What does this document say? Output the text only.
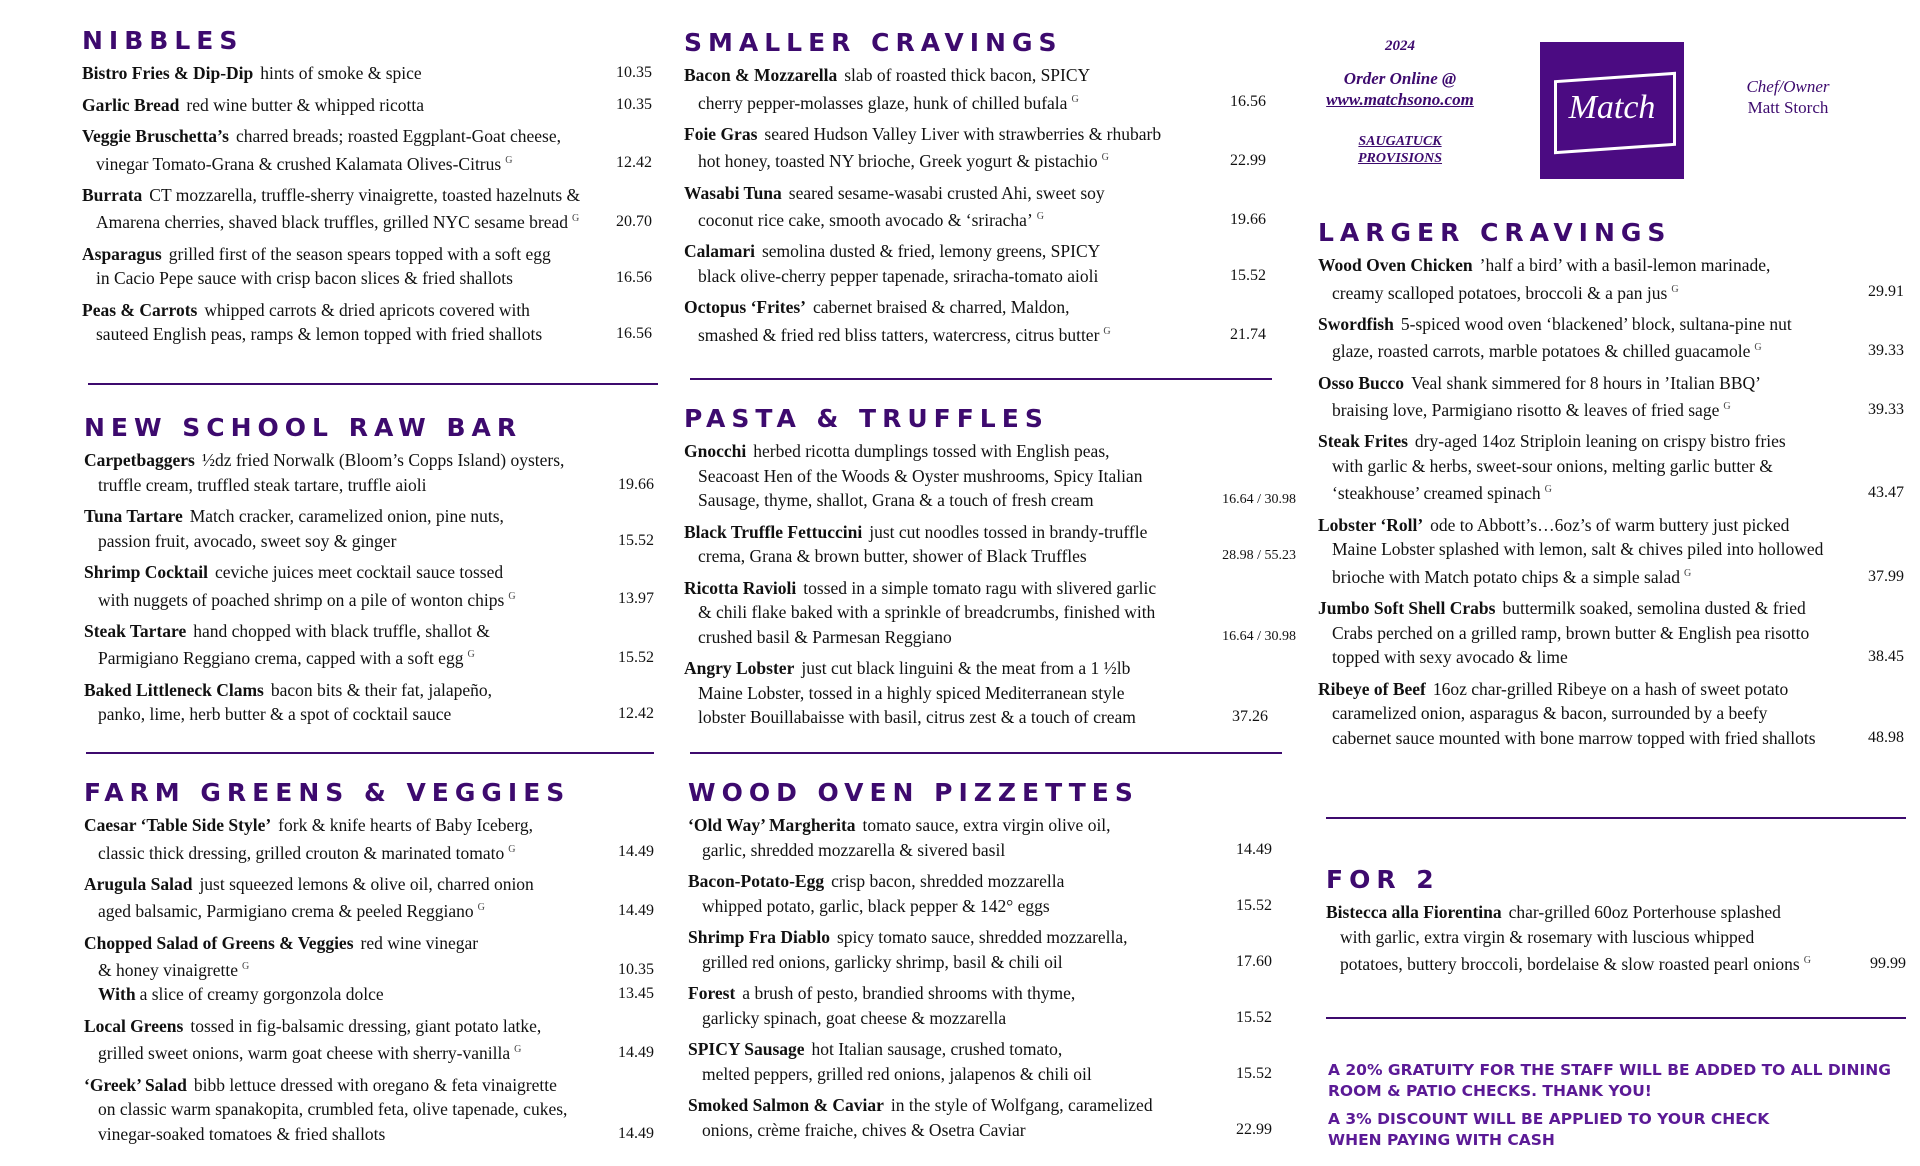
NIBBLES
Bistro Fries & Dip-Dip hints of smoke & spice	10.35
Garlic Bread red wine butter & whipped ricotta	10.35
Veggie Bruschetta’s charred breads; roasted Eggplant-Goat cheese,
vinegar Tomato-Grana & crushed Kalamata Olives-Citrus $^G$	12.42
Burrata CT mozzarella, truffle-sherry vinaigrette, toasted hazelnuts &
Amarena cherries, shaved black truffles, grilled NYC sesame bread $^G$	20.70
Asparagus grilled first of the season spears topped with a soft egg
in Cacio Pepe sauce with crisp bacon slices & fried shallots	16.56
Peas & Carrots whipped carrots & dried apricots covered with
sauteed English peas, ramps & lemon topped with fried shallots	16.56
NEW SCHOOL RAW BAR
Carpetbaggers ½dz fried Norwalk (Bloom’s Copps Island) oysters,
truffle cream, truffled steak tartare, truffle aioli	19.66
Tuna Tartare Match cracker, caramelized onion, pine nuts,
passion fruit, avocado, sweet soy & ginger	15.52
Shrimp Cocktail ceviche juices meet cocktail sauce tossed
with nuggets of poached shrimp on a pile of wonton chips $^G$	13.97
Steak Tartare hand chopped with black truffle, shallot &
Parmigiano Reggiano crema, capped with a soft egg $^G$	15.52
Baked Littleneck Clams bacon bits & their fat, jalapeño,
panko, lime, herb butter & a spot of cocktail sauce	12.42
FARM GREENS & VEGGIES
Caesar ‘Table Side Style’ fork & knife hearts of Baby Iceberg,
classic thick dressing, grilled crouton & marinated tomato $^G$	14.49
Arugula Salad just squeezed lemons & olive oil, charred onion
aged balsamic, Parmigiano crema & peeled Reggiano $^G$	14.49
Chopped Salad of Greens & Veggies red wine vinegar
& honey vinaigrette $^G$	10.35
With a slice of creamy gorgonzola dolce	13.45
Local Greens tossed in fig-balsamic dressing, giant potato latke,
grilled sweet onions, warm goat cheese with sherry-vanilla $^G$	14.49
‘Greek’ Salad bibb lettuce dressed with oregano & feta vinaigrette
on classic warm spanakopita, crumbled feta, olive tapenade, cukes,
vinegar-soaked tomatoes & fried shallots	14.49
SMALLER CRAVINGS
Bacon & Mozzarella slab of roasted thick bacon, SPICY
cherry pepper-molasses glaze, hunk of chilled bufala $^G$	16.56
Foie Gras seared Hudson Valley Liver with strawberries & rhubarb
hot honey, toasted NY brioche, Greek yogurt & pistachio $^G$	22.99
Wasabi Tuna seared sesame-wasabi crusted Ahi, sweet soy
coconut rice cake, smooth avocado & ‘sriracha’ $^G$	19.66
Calamari semolina dusted & fried, lemony greens, SPICY
black olive-cherry pepper tapenade, sriracha-tomato aioli	15.52
Octopus ‘Frites’ cabernet braised & charred, Maldon,
smashed & fried red bliss tatters, watercress, citrus butter $^G$	21.74
PASTA & TRUFFLES
Gnocchi herbed ricotta dumplings tossed with English peas,
Seacoast Hen of the Woods & Oyster mushrooms, Spicy Italian
Sausage, thyme, shallot, Grana & a touch of fresh cream	16.64 / 30.98
Black Truffle Fettuccini just cut noodles tossed in brandy-truffle
crema, Grana & brown butter, shower of Black Truffles	28.98 / 55.23
Ricotta Ravioli tossed in a simple tomato ragu with slivered garlic
& chili flake baked with a sprinkle of breadcrumbs, finished with
crushed basil & Parmesan Reggiano	16.64 / 30.98
Angry Lobster just cut black linguini & the meat from a 1 ½lb
Maine Lobster, tossed in a highly spiced Mediterranean style
lobster Bouillabaisse with basil, citrus zest & a touch of cream	37.26
WOOD OVEN PIZZETTES
‘Old Way’ Margherita tomato sauce, extra virgin olive oil,
garlic, shredded mozzarella & sivered basil	14.49
Bacon-Potato-Egg crisp bacon, shredded mozzarella
whipped potato, garlic, black pepper & 142° eggs	15.52
Shrimp Fra Diablo spicy tomato sauce, shredded mozzarella,
grilled red onions, garlicky shrimp, basil & chili oil	17.60
Forest a brush of pesto, brandied shrooms with thyme,
garlicky spinach, goat cheese & mozzarella	15.52
SPICY Sausage hot Italian sausage, crushed tomato,
melted peppers, grilled red onions, jalapenos & chili oil	15.52
Smoked Salmon & Caviar in the style of Wolfgang, caramelized
onions, crème fraiche, chives & Osetra Caviar	22.99
2024
Order Online @
www.matchsono.com
SAUGATUCK
PROVISIONS
Match
Chef/Owner
Matt Storch
LARGER CRAVINGS
Wood Oven Chicken ’half a bird’ with a basil-lemon marinade,
creamy scalloped potatoes, broccoli & a pan jus $^G$	29.91
Swordfish 5-spiced wood oven ‘blackened’ block, sultana-pine nut
glaze, roasted carrots, marble potatoes & chilled guacamole $^G$	39.33
Osso Bucco Veal shank simmered for 8 hours in ’Italian BBQ’
braising love, Parmigiano risotto & leaves of fried sage $^G$	39.33
Steak Frites dry-aged 14oz Striploin leaning on crispy bistro fries
with garlic & herbs, sweet-sour onions, melting garlic butter &
‘steakhouse’ creamed spinach $^G$	43.47
Lobster ‘Roll’ ode to Abbott’s…6oz’s of warm buttery just picked
Maine Lobster splashed with lemon, salt & chives piled into hollowed
brioche with Match potato chips & a simple salad $^G$	37.99
Jumbo Soft Shell Crabs buttermilk soaked, semolina dusted & fried
Crabs perched on a grilled ramp, brown butter & English pea risotto
topped with sexy avocado & lime	38.45
Ribeye of Beef 16oz char-grilled Ribeye on a hash of sweet potato
caramelized onion, asparagus & bacon, surrounded by a beefy
cabernet sauce mounted with bone marrow topped with fried shallots	48.98
FOR 2
Bistecca alla Fiorentina char-grilled 60oz Porterhouse splashed
with garlic, extra virgin & rosemary with luscious whipped
potatoes, buttery broccoli, bordelaise & slow roasted pearl onions $^G$	99.99
A 20% GRATUITY FOR THE STAFF WILL BE ADDED TO ALL DINING
ROOM & PATIO CHECKS. THANK YOU!
A 3% DISCOUNT WILL BE APPLIED TO YOUR CHECK
WHEN PAYING WITH CASH
